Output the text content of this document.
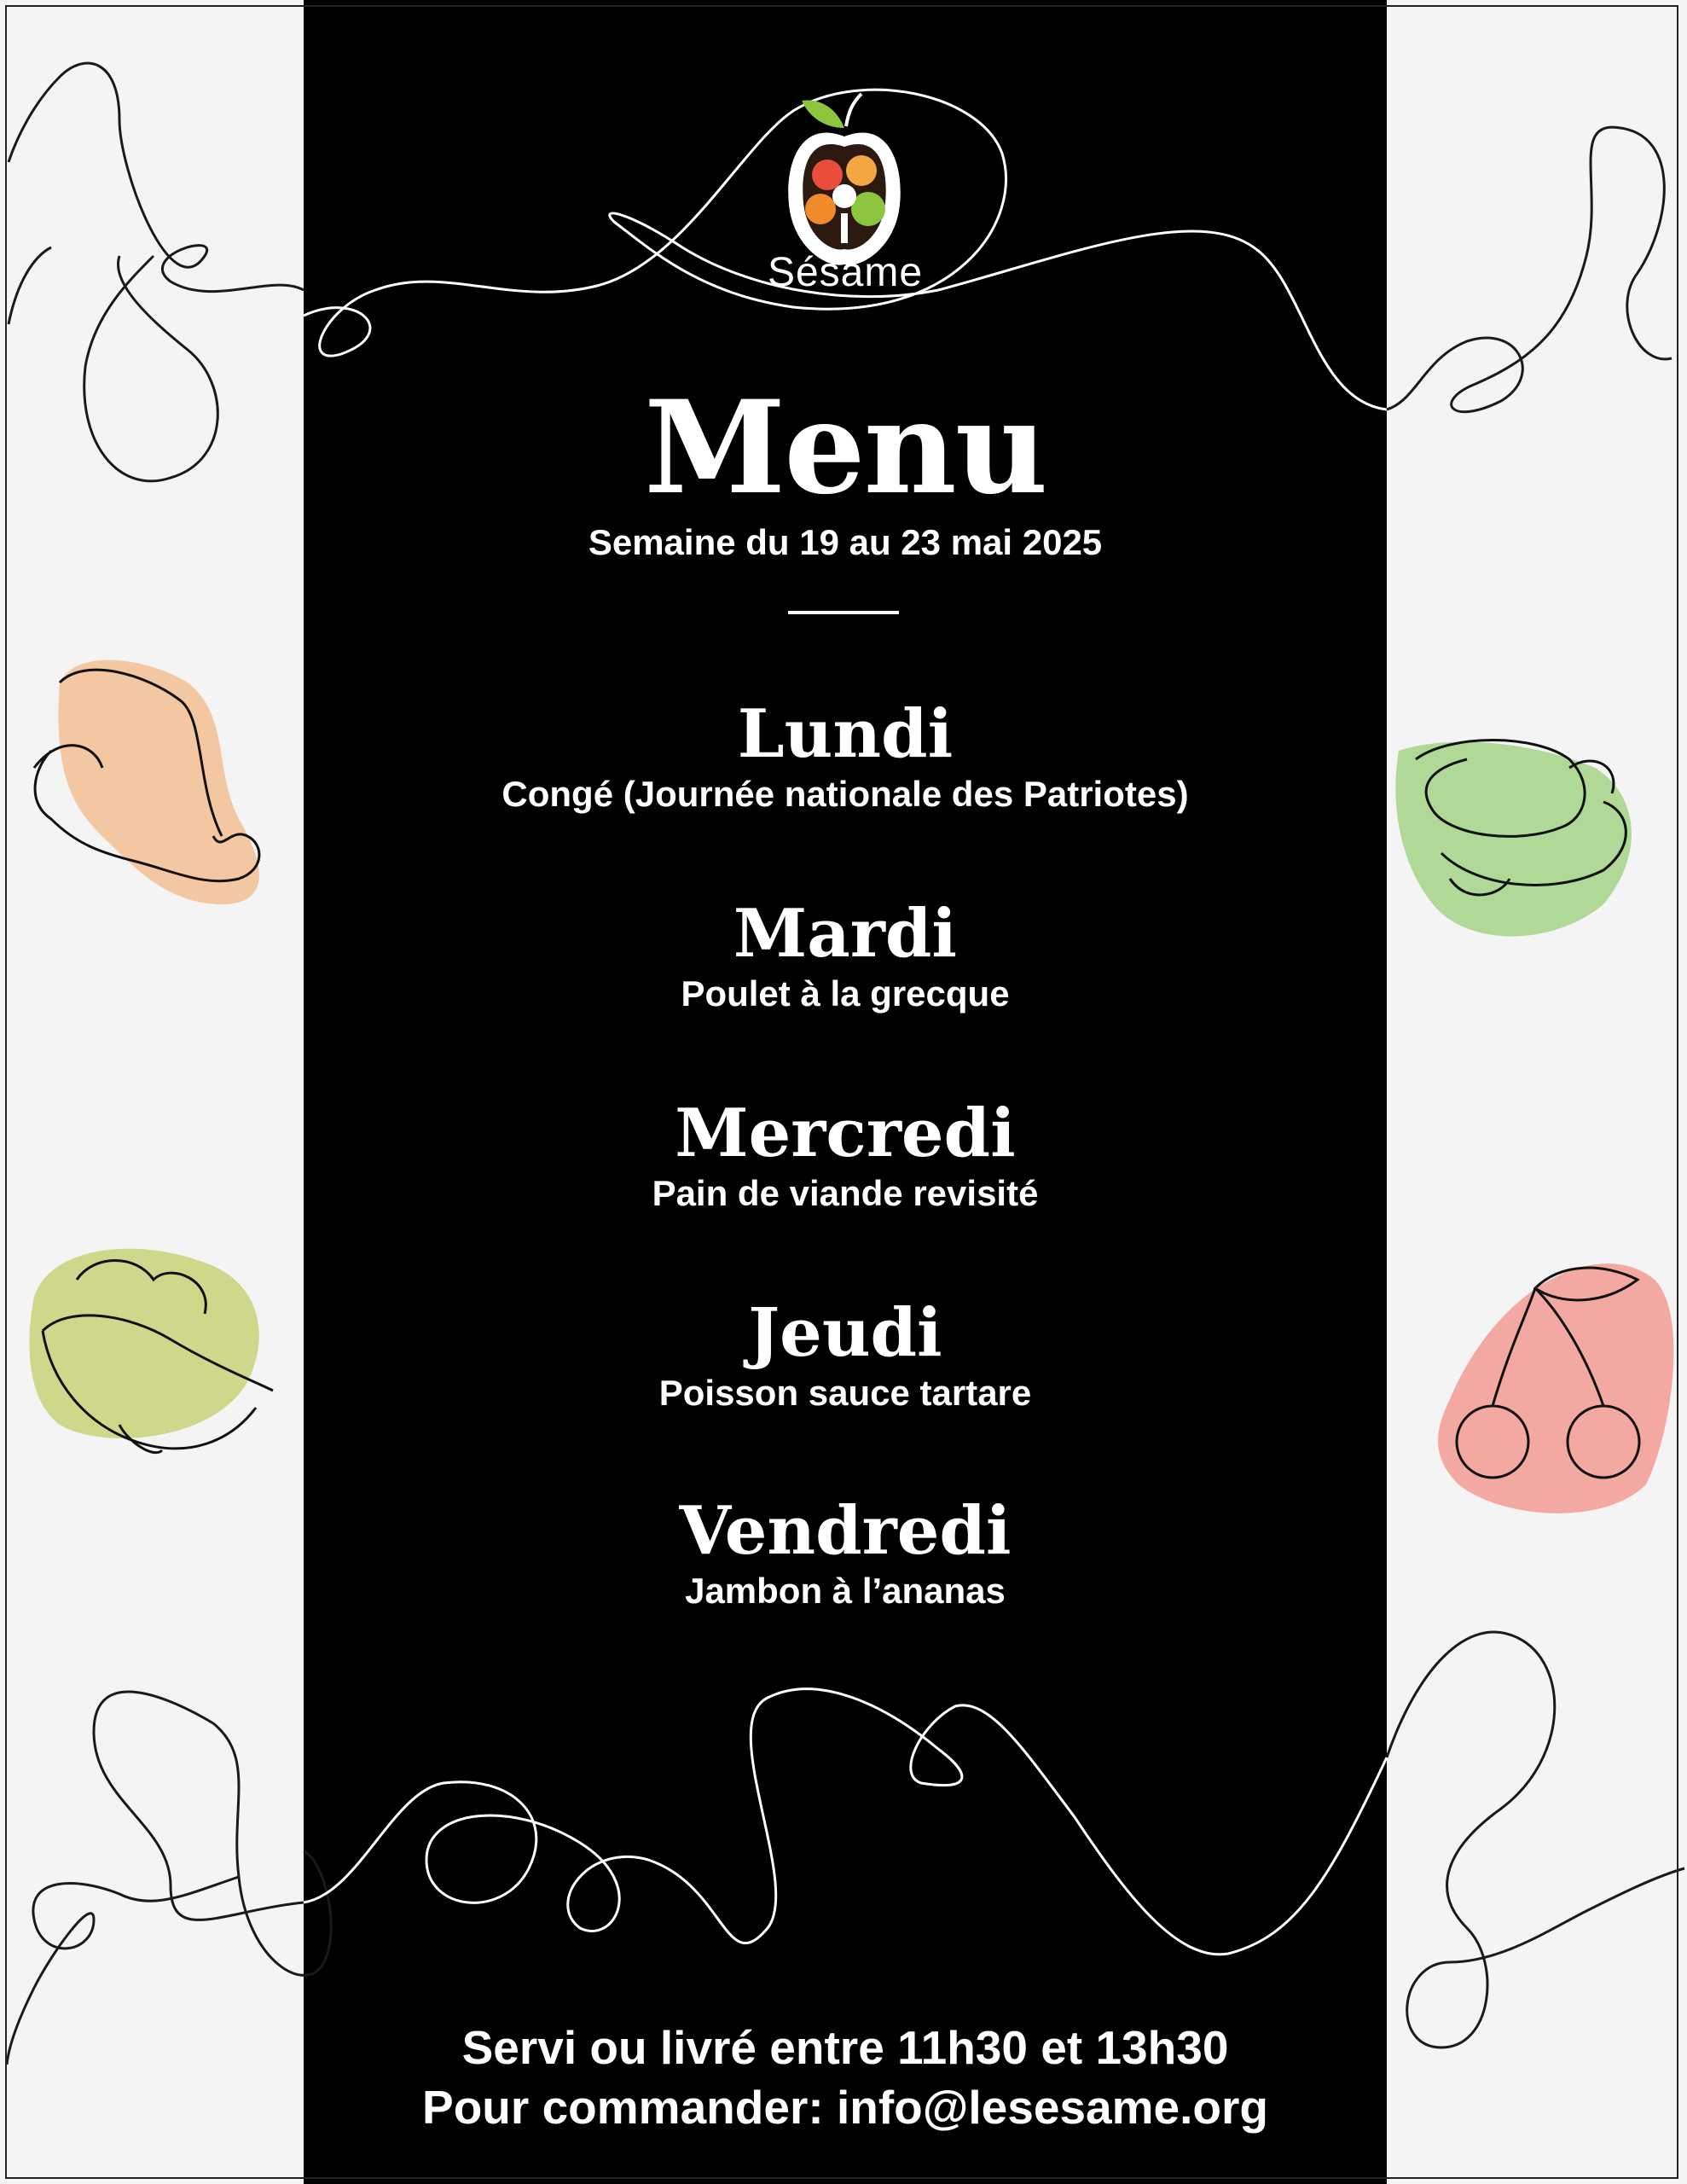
Sésame
Menu
Semaine du 19 au 23 mai 2025
Lundi
Congé (Journée nationale des Patriotes)
Mardi
Poulet à la grecque
Mercredi
Pain de viande revisité
Jeudi
Poisson sauce tartare
Vendredi
Jambon à l’ananas
Servi ou livré entre 11h30 et 13h30
Pour commander: info@lesesame.org
